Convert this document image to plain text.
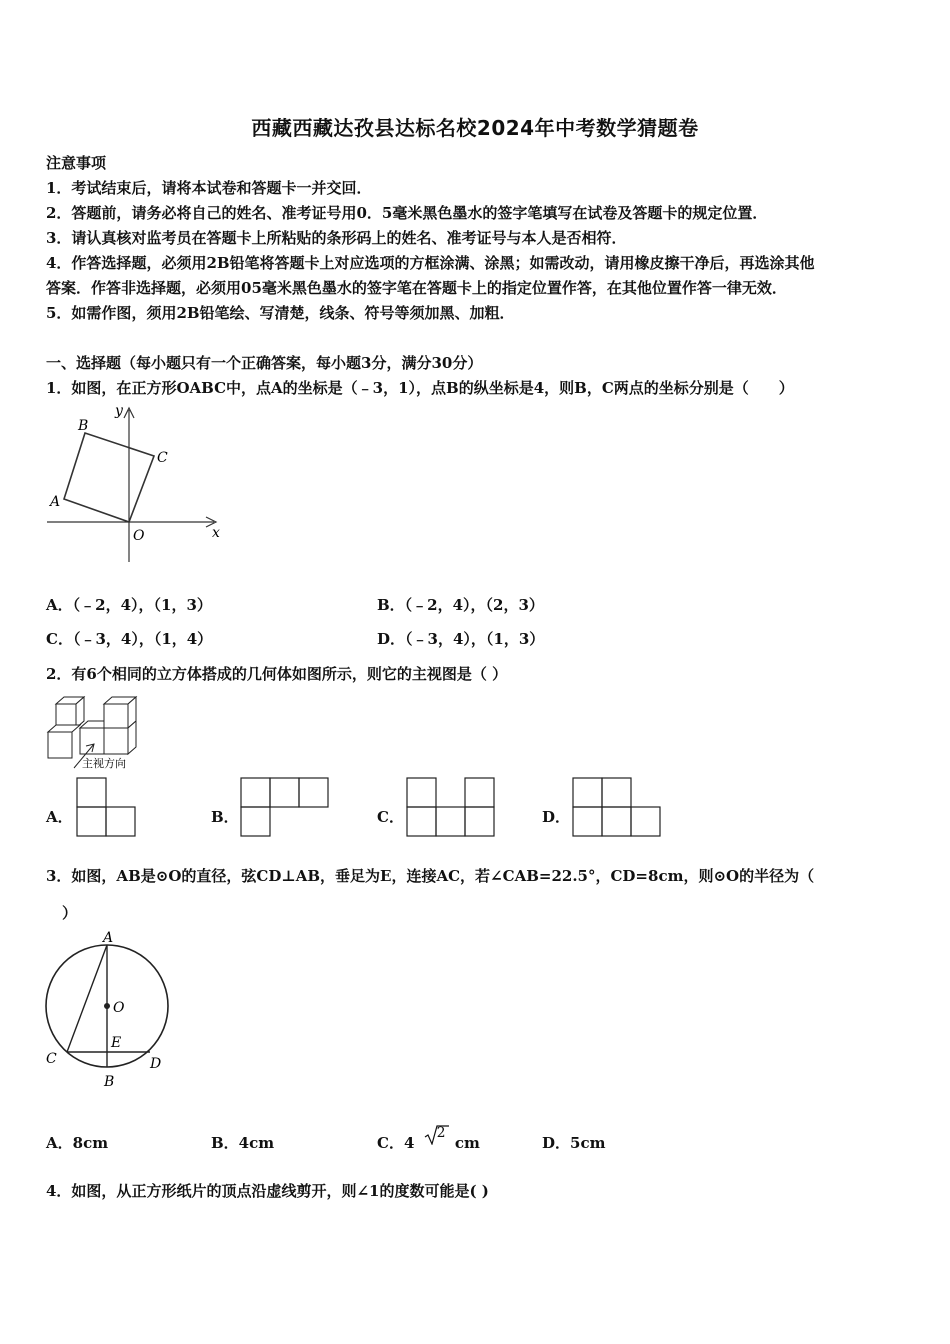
西藏西藏达孜县达标名校2024年中考数学猜题卷
注意事项
1．考试结束后，请将本试卷和答题卡一并交回．
2．答题前，请务必将自己的姓名、准考证号用0．5毫米黑色墨水的签字笔填写在试卷及答题卡的规定位置．
3．请认真核对监考员在答题卡上所粘贴的条形码上的姓名、准考证号与本人是否相符．
4．作答选择题，必须用2B铅笔将答题卡上对应选项的方框涂满、涂黑；如需改动，请用橡皮擦干净后，再选涂其他
答案．作答非选择题，必须用05毫米黑色墨水的签字笔在答题卡上的指定位置作答，在其他位置作答一律无效．
5．如需作图，须用2B铅笔绘、写清楚，线条、符号等须加黑、加粗．
一、选择题（每小题只有一个正确答案，每小题3分，满分30分）
1．如图，在正方形OABC中，点A的坐标是（﹣3，1），点B的纵坐标是4，则B，C两点的坐标分别是（　　）
B
C
A
O	x
y
A．（﹣2，4），（1，3）	B．（﹣2，4），（2，3）
C．（﹣3，4），（1，4）	D．（﹣3，4），（1，3）
2．有6个相同的立方体搭成的几何体如图所示，则它的主视图是（ ）
主视方向
A．	B．	C．	D．
3．如图，AB是⊙O的直径，弦CD⊥AB，垂足为E，连接AC，若∠CAB=22.5°，CD=8cm，则⊙O的半径为（
）
A
O
E
C	D
B
A．8cm	B．4cm	C．4
2
cm	D．5cm
4．如图，从正方形纸片的顶点沿虚线剪开，则∠1的度数可能是( )
